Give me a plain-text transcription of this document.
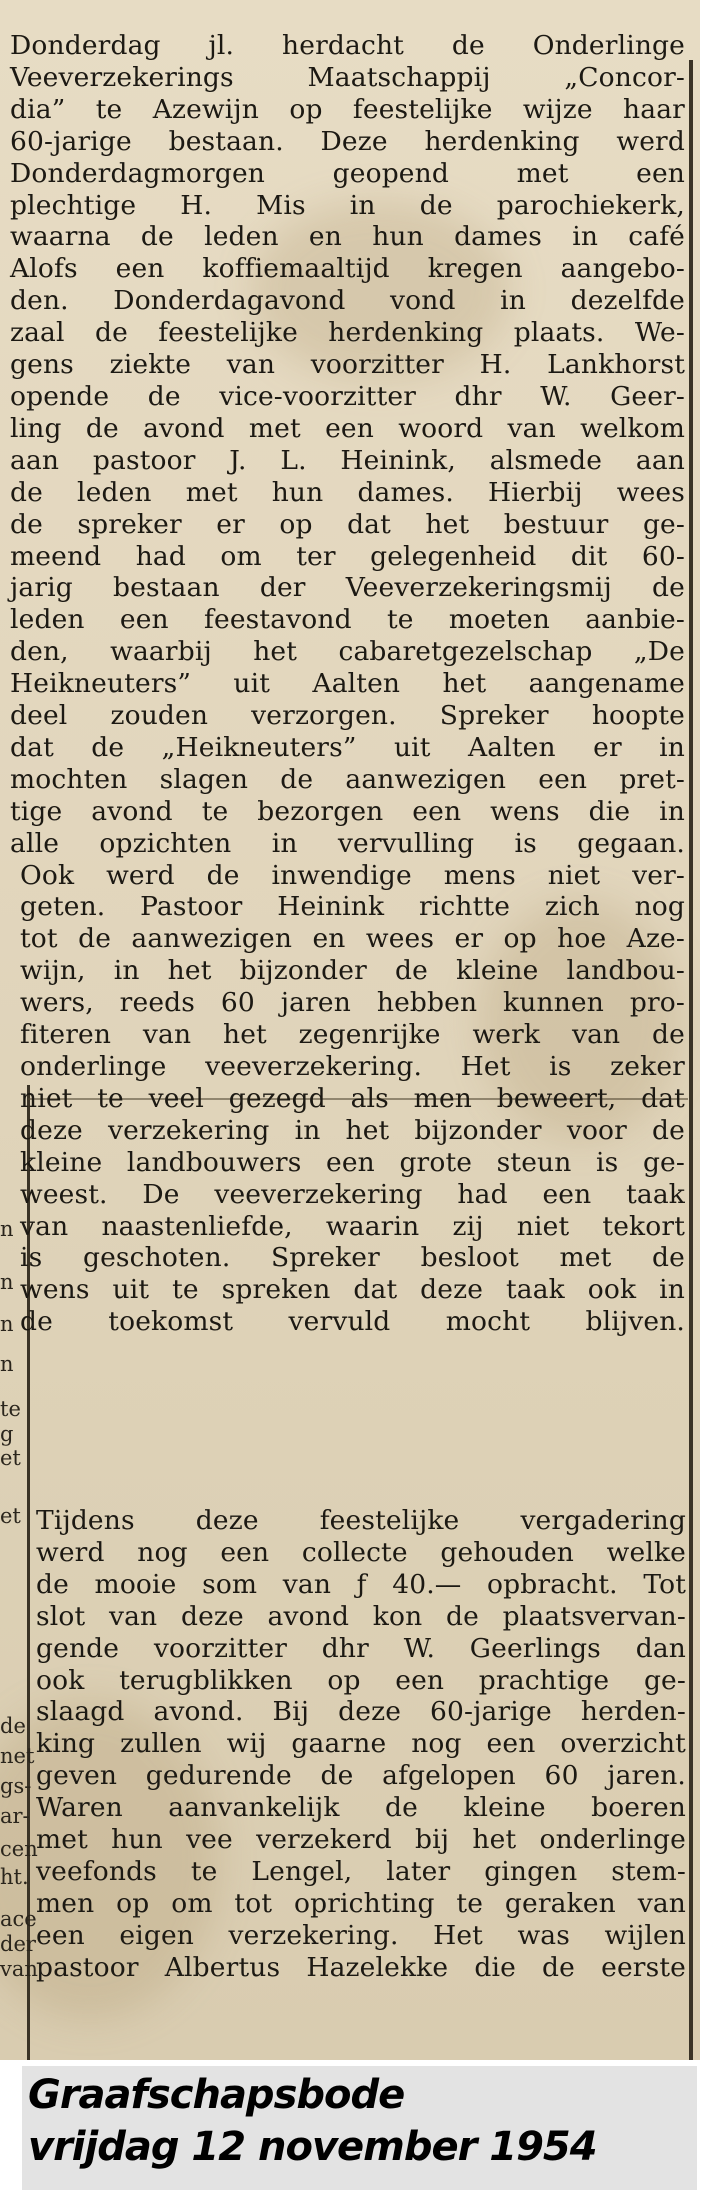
Donderdag jl. herdacht de Onderlinge
Veeverzekerings Maatschappij „Concor-
dia” te Azewijn op feestelijke wijze haar
60-jarige bestaan. Deze herdenking werd
Donderdagmorgen geopend met een
plechtige H. Mis in de parochiekerk,
waarna de leden en hun dames in café
Alofs een koffiemaaltijd kregen aangebo-
den. Donderdagavond vond in dezelfde
zaal de feestelijke herdenking plaats. We-
gens ziekte van voorzitter H. Lankhorst
opende de vice-voorzitter dhr W. Geer-
ling de avond met een woord van welkom
aan pastoor J. L. Heinink, alsmede aan
de leden met hun dames. Hierbij wees
de spreker er op dat het bestuur ge-
meend had om ter gelegenheid dit 60-
jarig bestaan der Veeverzekeringsmij de
leden een feestavond te moeten aanbie-
den, waarbij het cabaretgezelschap „De
Heikneuters” uit Aalten het aangename
deel zouden verzorgen. Spreker hoopte
dat de „Heikneuters” uit Aalten er in
mochten slagen de aanwezigen een pret-
tige avond te bezorgen een wens die in
alle opzichten in vervulling is gegaan.

Ook werd de inwendige mens niet ver-
geten. Pastoor Heinink richtte zich nog
tot de aanwezigen en wees er op hoe Aze-
wijn, in het bijzonder de kleine landbou-
wers, reeds 60 jaren hebben kunnen pro-
fiteren van het zegenrijke werk van de
onderlinge veeverzekering. Het is zeker
niet te veel gezegd als men beweert, dat
deze verzekering in het bijzonder voor de
kleine landbouwers een grote steun is ge-
weest. De veeverzekering had een taak
van naastenliefde, waarin zij niet tekort
is geschoten. Spreker besloot met de
wens uit te spreken dat deze taak ook in
de toekomst vervuld mocht blijven.

Tijdens deze feestelijke vergadering
werd nog een collecte gehouden welke
de mooie som van ƒ 40.— opbracht. Tot
slot van deze avond kon de plaatsvervan-
gende voorzitter dhr W. Geerlings dan
ook terugblikken op een prachtige ge-
slaagd avond. Bij deze 60-jarige herden-
king zullen wij gaarne nog een overzicht
geven gedurende de afgelopen 60 jaren.
Waren aanvankelijk de kleine boeren
met hun vee verzekerd bij het onderlinge
veefonds te Lengel, later gingen stem-
men op om tot oprichting te geraken van
een eigen verzekering. Het was wijlen
pastoor Albertus Hazelekke die de eerste

n
n
n
n
te
g
et
et
de
net
gs-
ar-
cen
ht.
ace
der
van
Graafschapsbode
vrijdag 12 november 1954
